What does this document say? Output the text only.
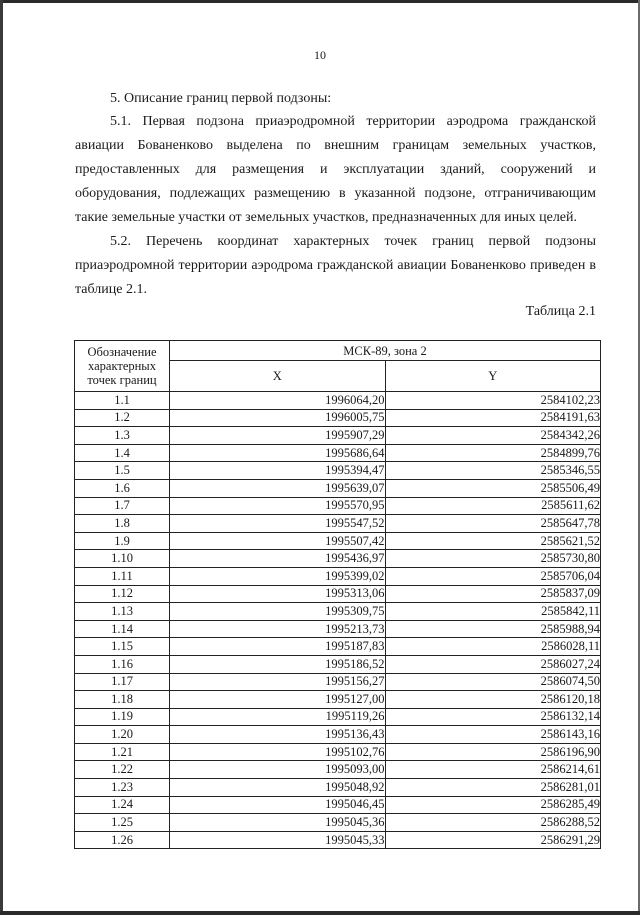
10
5. Описание границ первой подзоны:

5.1. Первая подзона приаэродромной территории аэродрома гражданской авиации Бованенково выделена по внешним границам земельных участков, предоставленных для размещения и эксплуатации зданий, сооружений и оборудования, подлежащих размещению в указанной подзоне, отграничивающим такие земельные участки от земельных участков, предназначенных для иных целей.

5.2. Перечень координат характерных точек границ первой подзоны приаэродромной территории аэродрома гражданской авиации Бованенково приведен в таблице 2.1.

Таблица 2.1
Обозначение характерных точек границ	МСК-89, зона 2	
	X	Y
1.1	1996064,20	2584102,23
1.2	1996005,75	2584191,63
1.3	1995907,29	2584342,26
1.4	1995686,64	2584899,76
1.5	1995394,47	2585346,55
1.6	1995639,07	2585506,49
1.7	1995570,95	2585611,62
1.8	1995547,52	2585647,78
1.9	1995507,42	2585621,52
1.10	1995436,97	2585730,80
1.11	1995399,02	2585706,04
1.12	1995313,06	2585837,09
1.13	1995309,75	2585842,11
1.14	1995213,73	2585988,94
1.15	1995187,83	2586028,11
1.16	1995186,52	2586027,24
1.17	1995156,27	2586074,50
1.18	1995127,00	2586120,18
1.19	1995119,26	2586132,14
1.20	1995136,43	2586143,16
1.21	1995102,76	2586196,90
1.22	1995093,00	2586214,61
1.23	1995048,92	2586281,01
1.24	1995046,45	2586285,49
1.25	1995045,36	2586288,52
1.26	1995045,33	2586291,29
